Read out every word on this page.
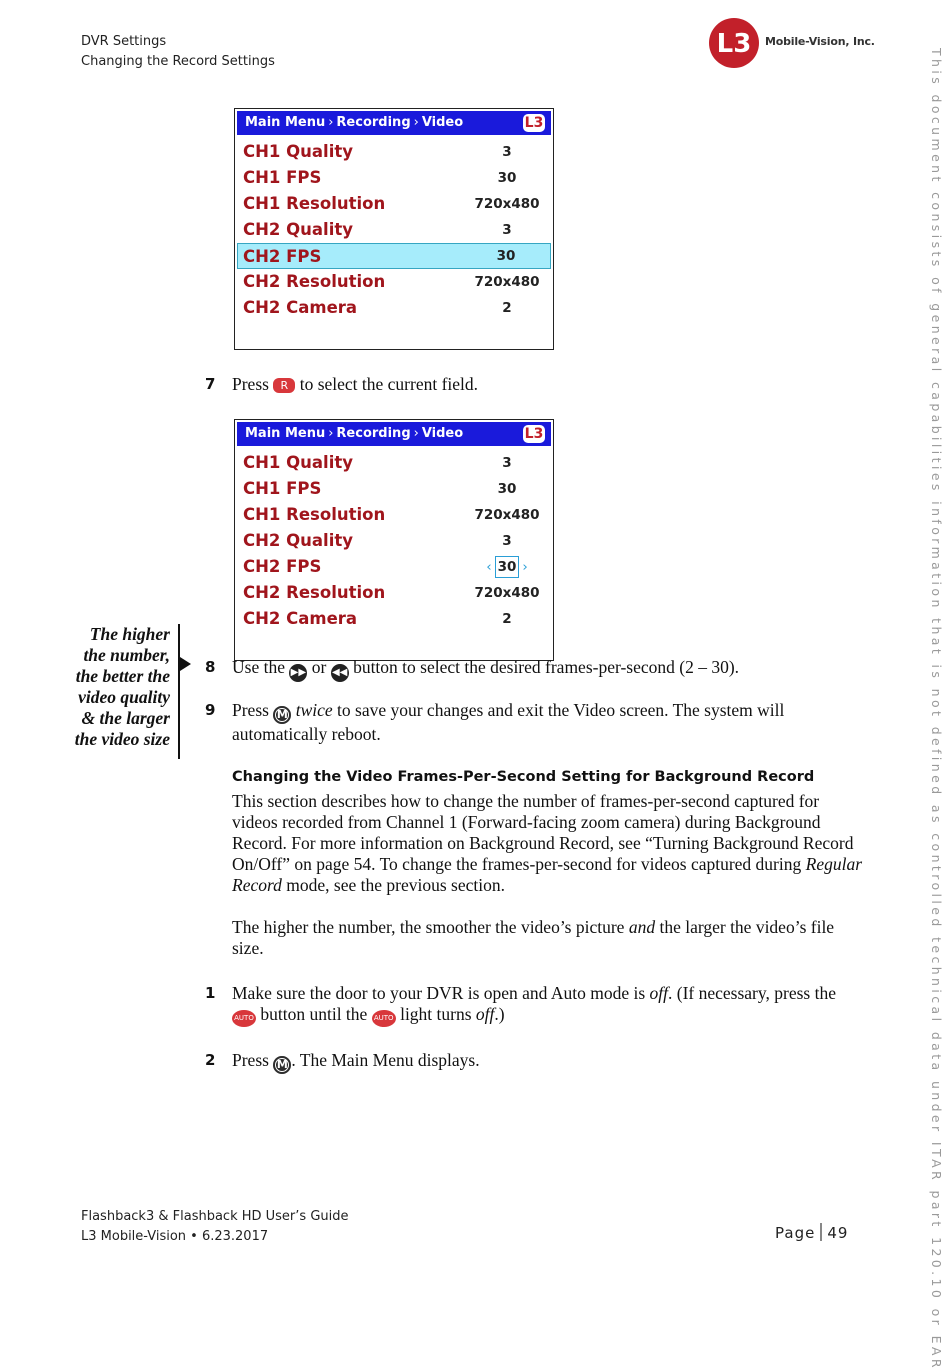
DVR Settings
Changing the Record Settings
L3 Mobile-Vision, Inc.
This document consists of general capabilities information that is not defined as controlled technical data under ITAR part 120.10 or EAR
Main Menu › Recording › Video	L3
CH1 Quality	3
CH1 FPS	30
CH1 Resolution	720x480
CH2 Quality	3
CH2 FPS	30
CH2 Resolution	720x480
CH2 Camera	2
7 Press R to select the current field.
Main Menu › Recording › Video	L3
CH1 Quality	3
CH1 FPS	30
CH1 Resolution	720x480
CH2 Quality	3
CH2 FPS	‹ 30 ›
CH2 Resolution	720x480
CH2 Camera	2
The higher
the number,
the better the
video quality
& the larger
the video size
8 Use the ▶▶ or ◀◀ button to select the desired frames-per-second (2 – 30).
9 Press M twice to save your changes and exit the Video screen. The system will automatically reboot.
Changing the Video Frames-Per-Second Setting for Background Record
This section describes how to change the number of frames-per-second captured for videos recorded from Channel 1 (Forward-facing zoom camera) during Background Record. For more information on Background Record, see “Turning Background Record On/Off” on page 54. To change the frames-per-second for videos captured during Regular Record mode, see the previous section.
The higher the number, the smoother the video’s picture and the larger the video’s file size.
1 Make sure the door to your DVR is open and Auto mode is off. (If necessary, press the AUTO button until the AUTO light turns off.)
2 Press M . The Main Menu displays.
Flashback3 & Flashback HD User’s Guide
L3 Mobile-Vision • 6.23.2017	Page 49
